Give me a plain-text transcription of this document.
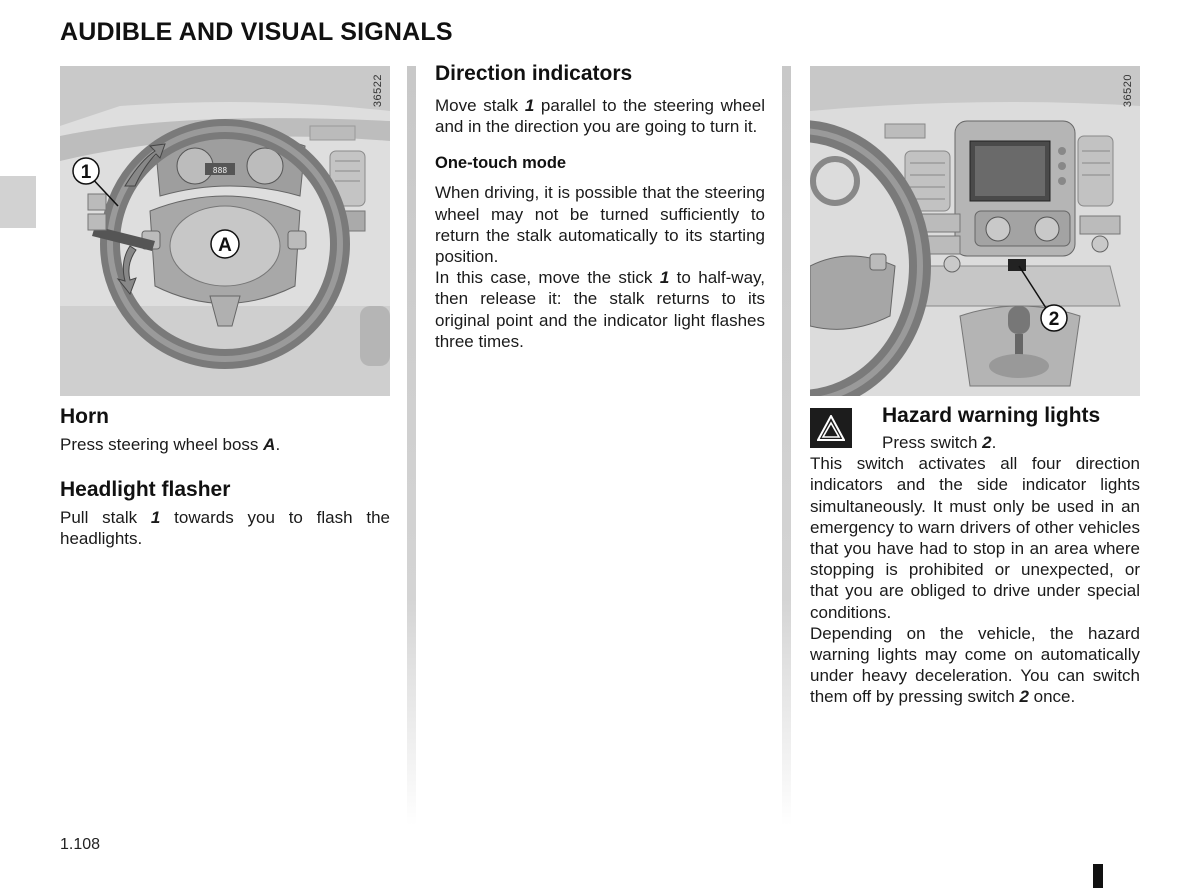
AUDIBLE AND VISUAL SIGNALS
888
1
A
36522
Horn

Press steering wheel boss A.

Headlight flasher

Pull stalk 1 towards you to flash the headlights.

Direction indicators

Move stalk 1 parallel to the steering wheel and in the direction you are going to turn it.

One-touch mode

When driving, it is possible that the steering wheel may not be turned sufficiently to return the stalk automatically to its starting position.

In this case, move the stick 1 to half-way, then release it: the stalk returns to its original point and the indicator light flashes three times.

2
36520
Hazard warning lights

Press switch 2.

This switch activates all four direction indicators and the side indicator lights simultaneously. It must only be used in an emergency to warn drivers of other vehicles that you have had to stop in an area where stopping is prohibited or unexpected, or that you are obliged to drive under special conditions.

Depending on the vehicle, the hazard warning lights may come on automatically under heavy deceleration. You can switch them off by pressing switch 2 once.

1.108
